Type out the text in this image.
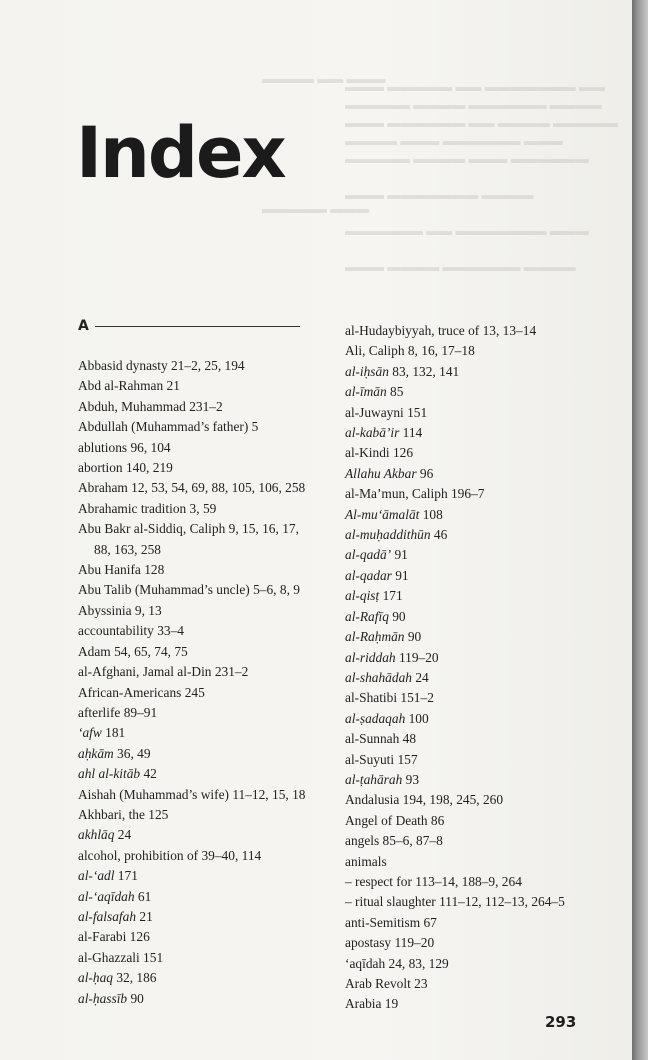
▬▬▬ ▬▬▬▬▬ ▬▬ ▬▬▬▬▬▬▬ ▬▬
▬▬▬▬▬ ▬▬▬▬ ▬▬▬▬▬▬ ▬▬▬▬
▬▬▬ ▬▬▬▬▬▬ ▬▬ ▬▬▬▬ ▬▬▬▬▬
▬▬▬▬ ▬▬▬ ▬▬▬▬▬▬ ▬▬▬
▬▬▬▬▬ ▬▬▬▬ ▬▬▬ ▬▬▬▬▬▬
▬▬▬ ▬▬▬▬▬▬▬ ▬▬▬▬
▬▬▬▬▬▬ ▬▬ ▬▬▬▬▬▬▬ ▬▬▬
▬▬▬ ▬▬▬▬ ▬▬▬▬▬▬ ▬▬▬▬
▬▬▬▬ ▬▬ ▬▬▬
▬▬▬▬▬ ▬▬▬
Index
A
Abbasid dynasty 21–2, 25, 194
Abd al-Rahman 21
Abduh, Muhammad 231–2
Abdullah (Muhammad’s father) 5
ablutions 96, 104
abortion 140, 219
Abraham 12, 53, 54, 69, 88, 105, 106, 258
Abrahamic tradition 3, 59
Abu Bakr al-Siddiq, Caliph 9, 15, 16, 17, 88, 163, 258
Abu Hanifa 128
Abu Talib (Muhammad’s uncle) 5–6, 8, 9
Abyssinia 9, 13
accountability 33–4
Adam 54, 65, 74, 75
al-Afghani, Jamal al-Din 231–2
African-Americans 245
afterlife 89–91
‘afw 181
aḥkām 36, 49
ahl al-kitāb 42
Aishah (Muhammad’s wife) 11–12, 15, 18
Akhbari, the 125
akhlāq 24
alcohol, prohibition of 39–40, 114
al-‘adl 171
al-‘aqīdah 61
al-falsafah 21
al-Farabi 126
al-Ghazzali 151
al-ḥaq 32, 186
al-ḥassīb 90
al-Hudaybiyyah, truce of 13, 13–14
Ali, Caliph 8, 16, 17–18
al-iḥsān 83, 132, 141
al-īmān 85
al-Juwayni 151
al-kabā’ir 114
al-Kindi 126
Allahu Akbar 96
al-Ma’mun, Caliph 196–7
Al-mu‘āmalāt 108
al-muḥaddithūn 46
al-qadā’ 91
al-qadar 91
al-qisṭ 171
al-Rafīq 90
al-Raḥmān 90
al-riddah 119–20
al-shahādah 24
al-Shatibi 151–2
al-ṣadaqah 100
al-Sunnah 48
al-Suyuti 157
al-ṭahārah 93
Andalusia 194, 198, 245, 260
Angel of Death 86
angels 85–6, 87–8
animals
– respect for 113–14, 188–9, 264
– ritual slaughter 111–12, 112–13, 264–5
anti-Semitism 67
apostasy 119–20
‘aqīdah 24, 83, 129
Arab Revolt 23
Arabia 19
293
